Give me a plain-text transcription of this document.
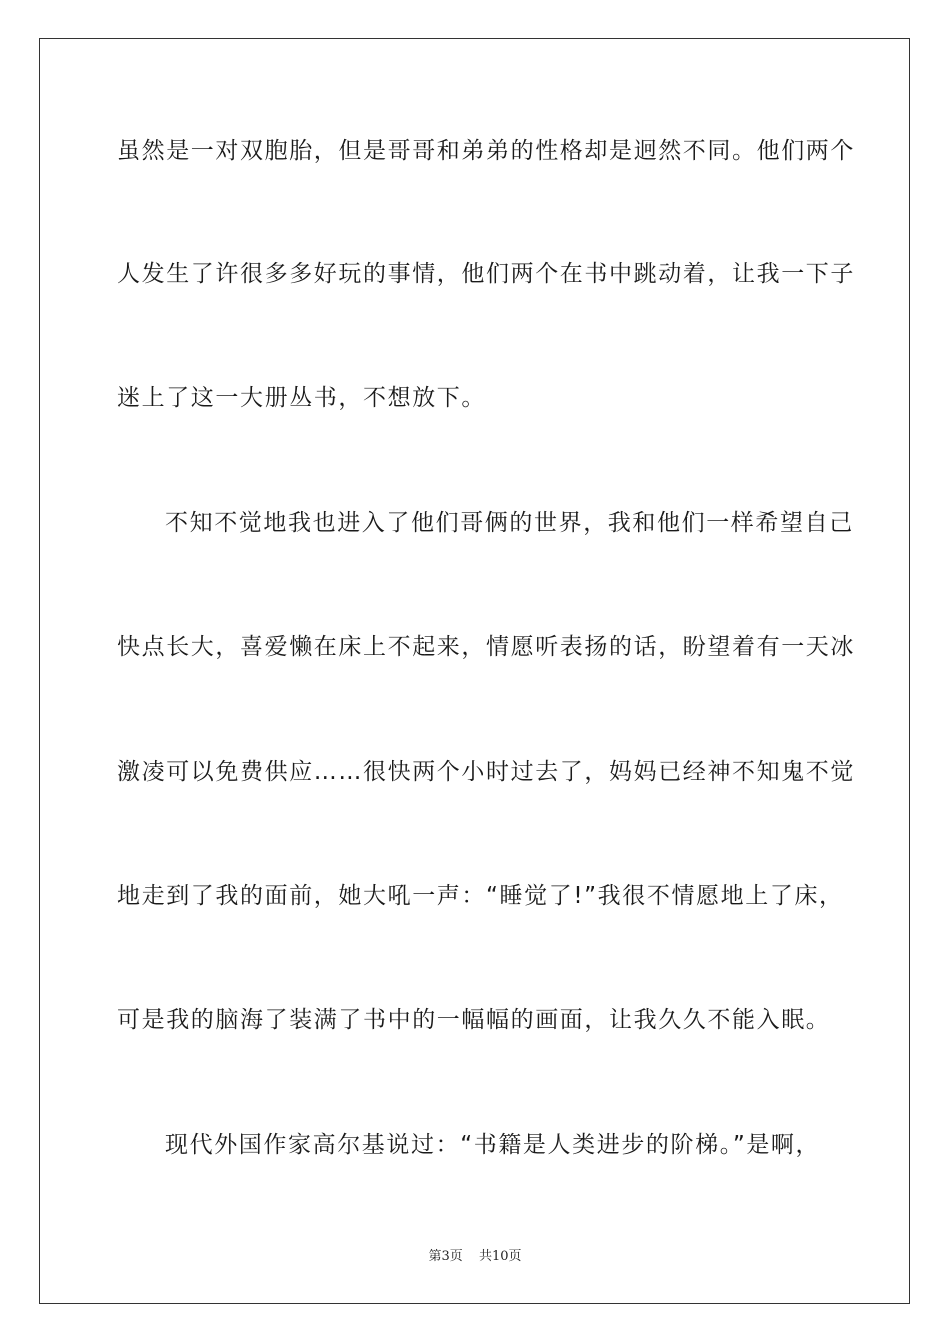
虽然是一对双胞胎，但是哥哥和弟弟的性格却是迥然不同。他们两个
人发生了许很多多好玩的事情，他们两个在书中跳动着，让我一下子
迷上了这一大册丛书，不想放下。
不知不觉地我也进入了他们哥俩的世界，我和他们一样希望自己
快点长大，喜爱懒在床上不起来，情愿听表扬的话，盼望着有一天冰
激凌可以免费供应……很快两个小时过去了，妈妈已经神不知鬼不觉
地走到了我的面前，她大吼一声：“睡觉了!”我很不情愿地上了床，
可是我的脑海了装满了书中的一幅幅的画面，让我久久不能入眠。
现代外国作家高尔基说过：“书籍是人类进步的阶梯。”是啊，
第3页 共10页
